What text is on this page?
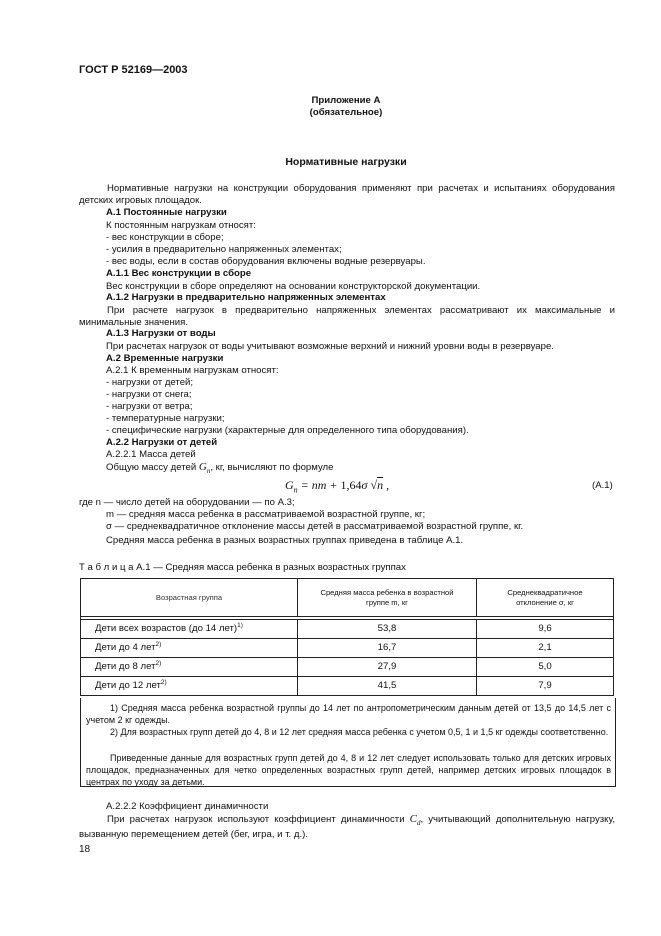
ГОСТ Р 52169—2003
Приложение А
(обязательное)
Нормативные нагрузки
Нормативные нагрузки на конструкции оборудования применяют при расчетах и испытаниях оборудования детских игровых площадок.
А.1 Постоянные нагрузки
К постоянным нагрузкам относят:
- вес конструкции в сборе;
- усилия в предварительно напряженных элементах;
- вес воды, если в состав оборудования включены водные резервуары.
А.1.1 Вес конструкции в сборе
Вес конструкции в сборе определяют на основании конструкторской документации.
А.1.2 Нагрузки в предварительно напряженных элементах
При расчете нагрузок в предварительно напряженных элементах рассматривают их максимальные и минимальные значения.
А.1.3 Нагрузки от воды
При расчетах нагрузок от воды учитывают возможные верхний и нижний уровни воды в резервуаре.
А.2 Временные нагрузки
А.2.1 К временным нагрузкам относят:
- нагрузки от детей;
- нагрузки от снега;
- нагрузки от ветра;
- температурные нагрузки;
- специфические нагрузки (характерные для определенного типа оборудования).
А.2.2 Нагрузки от детей
А.2.2.1 Масса детей
Общую массу детей $G_n$, кг, вычисляют по формуле
$G_n$ = nm + 1,64σ √n ,	(А.1)
где n — число детей на оборудовании — по А.3;
m — средняя масса ребенка в рассматриваемой возрастной группе, кг;
σ — среднеквадратичное отклонение массы детей в рассматриваемой возрастной группе, кг.
Средняя масса ребенка в разных возрастных группах приведена в таблице А.1.
Т а б л и ц а А.1 — Средняя масса ребенка в разных возрастных группах
Возрастная группа	Средняя масса ребенка в возрастной группе m, кг	Среднеквадратичное отклонение σ, кг

Дети всех возрастов (до 14 лет)$^{1)}$	53,8	9,6
Дети до 4 лет$^{2)}$	16,7	2,1
Дети до 8 лет$^{2)}$	27,9	5,0
Дети до 12 лет$^{2)}$	41,5	7,9
1) Средняя масса ребенка возрастной группы до 14 лет по антропометрическим данным детей от 13,5 до 14,5 лет с учетом 2 кг одежды.
2) Для возрастных групп детей до 4, 8 и 12 лет средняя масса ребенка с учетом 0,5, 1 и 1,5 кг одежды соответственно.
Приведенные данные для возрастных групп детей до 4, 8 и 12 лет следует использовать только для детских игровых площадок, предназначенных для четко определенных возрастных групп детей, например детских игровых площадок в центрах по уходу за детьми.
А.2.2.2 Коэффициент динамичности
При расчетах нагрузок используют коэффициент динамичности $C_d$, учитывающий дополнительную нагрузку, вызванную перемещением детей (бег, игра, и т. д.).
18
